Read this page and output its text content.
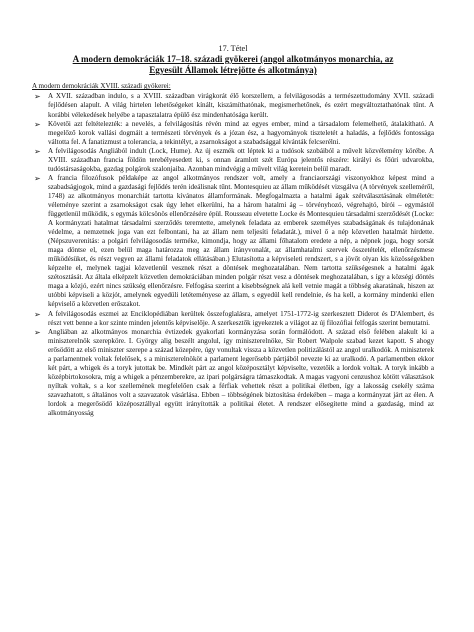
17. Tétel
A modern demokráciák 17–18. századi gyökerei (angol alkotmányos monarchia, az
Egyesült Államok létrejötte és alkotmánya)
A modern demokráciák XVIII. századi gyökerei:
➢ A XVII. században indulo, s a XVIII. században virágkorát élő korszellem, a felvilágosodás a természettudomány XVII. századi fejlődésen alapult. A világ hirtelen lehetőségeket kínált, kiszámíthatónak, megismerhetőnek, és ezért megváltoztathatónak tűnt. A korábbi vélekedések helyébe a tapasztalatra épülő ész mindenhatósága került.
➢ Követői azt feltételezték: a nevelés, a felvilágosítás révén mind az egyes ember, mind a társadalom felemelhető, átalakítható. A megelőző korok vallási dogmáit a természeti törvények és a józan ész, a hagyományok tiszteletét a haladás, a fejlődés fontossága váltotta fel. A fanatizmust a tolerancia, a tekintélyt, a zsarnokságot a szabadsággal kívánták felcserélni.
➢ A felvilágosodás Angliából indult (Lock, Hume). Az új eszmék ott léptek ki a tudósok szobáiból a művelt közvélemény körébe. A XVIII. században francia földön terebélyesedett ki, s onnan áramlott szét Európa jelentős részére: királyi és főúri udvarokba, tudóstársaságokba, gazdag polgárok szalonjaiba. Azonban mindvégig a művelt világ keretein belül maradt.
➢ A francia filozófusok példaképe az angol alkotmányos rendszer volt, amely a franciaországi viszonyokhoz képest mind a szabadságjogok, mind a gazdasági fejlődés terén ideálisnak tűnt. Montesquieu az állam működését vizsgálva (A törvények szelleméről, 1748) az alkotmányos monarchiát tartotta kívánatos államformának. Megfogalmazta a hatalmi ágak szétválasztásának elméletét: véleménye szerint a zsarnokságot csak úgy lehet elkerülni, ha a három hatalmi ág – törvényhozó, végrehajtó, bírói – egymástól függetlenül működik, s egymás kölcsönös ellenőrzésére épül. Rousseau elvetette Locke és Montesquieu társadalmi szerződését (Locke: A kormányzati hatalmat társadalmi szerződés teremtette, amelynek feladata az emberek személyes szabadságának és tulajdonának védelme, a nemzetnek joga van ezt felbontani, ha az állam nem teljesíti feladatát.), mivel ő a nép közvetlen hatalmát hirdette. (Népszuverenitás: a polgári felvilágosodás terméke, kimondja, hogy az állami főhatalom eredete a nép, a népnek joga, hogy sorsát maga döntse el, ezen belül maga határozza meg az állam irányvonalát, az államhatalmi szervek összetételét, ellenőrzésmese működésüket, és részt vegyen az állami feladatok ellátásában.) Elutasította a képviseleti rendszert, s a jövőt olyan kis közösségekben képzelte el, melynek tagjai közvetlenül vesznek részt a döntések meghozatalában. Nem tartotta szükségesnek a hatalmi ágak szétosztását. Az általa elképzelt közvetlen demokráciában minden polgár részt vesz a döntések meghozatalában, s így a községi döntés maga a közjó, ezért nincs szükség ellenőrzésre. Felfogása szerint a kisebbségnek alá kell vetnie magát a többség akaratának, hiszen az utóbbi képviseli a közjót, amelynek egyedüli letéteményese az állam, s egyedül kell rendelnie, és ha kell, a kormány mindenki ellen képviselő a közvetlen erőszakot.
➢ A felvilágosodás eszmei az Enciklopédiában kerültek összefoglalásra, amelyet 1751-1772-ig szerkesztett Diderot és D'Alembert, és részt vett benne a kor szinte minden jelentős képviselője. A szerkesztők igyekeztek a világot az új filozófiai felfogás szerint bemutatni.
➢ Angliában az alkotmányos monarchia évtizedek gyakorlati kormányzása során formálódott. A század első felében alakult ki a miniszterelnök szerepköre. I. György alig beszélt angolul, így miniszterelnöke, Sir Robert Walpole szabad kezet kapott. S ahogy erősödött az első miniszter szerepe a század közepére, úgy vonultak vissza a közvetlen politizálástól az angol uralkodók. A miniszterek a parlamentnek voltak felelősek, s a miniszterelnököt a parlament legerősebb pártjából nevezte ki az uralkodó. A parlamentben ekkor két párt, a whigek és a toryk jutottak be. Mindkét párt az angol középosztályt képviselte, vezetőik a lordok voltak. A toryk inkább a középbirtokosokra, míg a whigek a pénzemberekre, az ipari polgárságra támaszkodtak. A magas vagyoni cenzushoz kötött választások nyíltak voltak, s a kor szellemének megfelelően csak a férfiak vehettek részt a politikai életben, így a lakosság csekély száma szavazhatott, s általános volt a szavazatok vásárlása. Ebben – többségének biztosítása érdekében – maga a kormányzat járt az élen. A lordok a megerősödő középosztállyal együtt irányították a politikai életet. A rendszer elősegítette mind a gazdaság, mind az alkotmányosság
